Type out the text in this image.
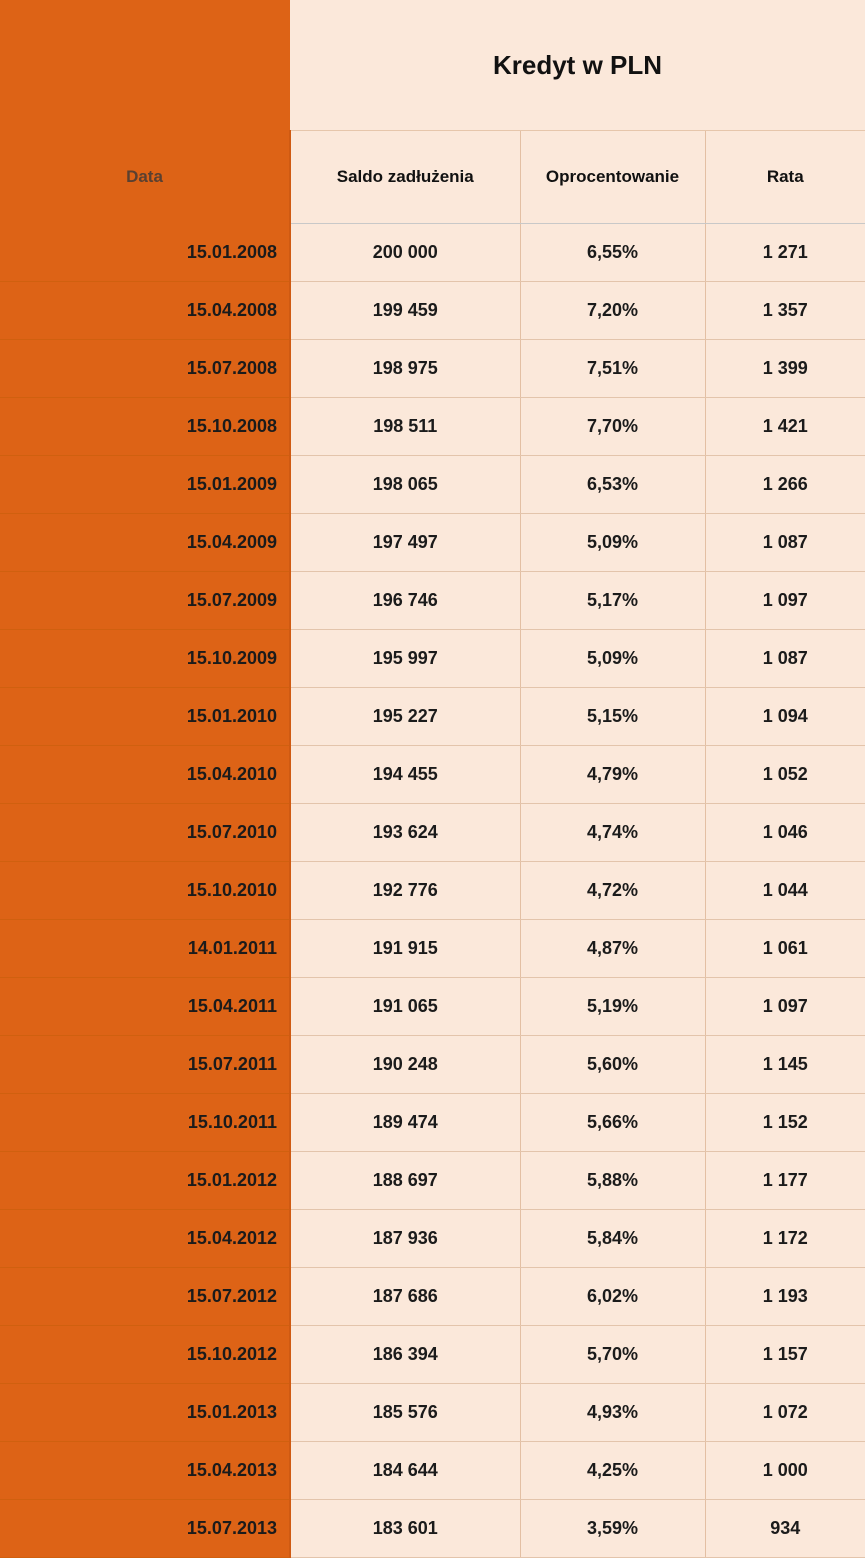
	Kredyt w PLN		
Data	Saldo zadłużenia	Oprocentowanie	Rata
15.01.2008	200 000	6,55%	1 271
15.04.2008	199 459	7,20%	1 357
15.07.2008	198 975	7,51%	1 399
15.10.2008	198 511	7,70%	1 421
15.01.2009	198 065	6,53%	1 266
15.04.2009	197 497	5,09%	1 087
15.07.2009	196 746	5,17%	1 097
15.10.2009	195 997	5,09%	1 087
15.01.2010	195 227	5,15%	1 094
15.04.2010	194 455	4,79%	1 052
15.07.2010	193 624	4,74%	1 046
15.10.2010	192 776	4,72%	1 044
14.01.2011	191 915	4,87%	1 061
15.04.2011	191 065	5,19%	1 097
15.07.2011	190 248	5,60%	1 145
15.10.2011	189 474	5,66%	1 152
15.01.2012	188 697	5,88%	1 177
15.04.2012	187 936	5,84%	1 172
15.07.2012	187 686	6,02%	1 193
15.10.2012	186 394	5,70%	1 157
15.01.2013	185 576	4,93%	1 072
15.04.2013	184 644	4,25%	1 000
15.07.2013	183 601	3,59%	934
